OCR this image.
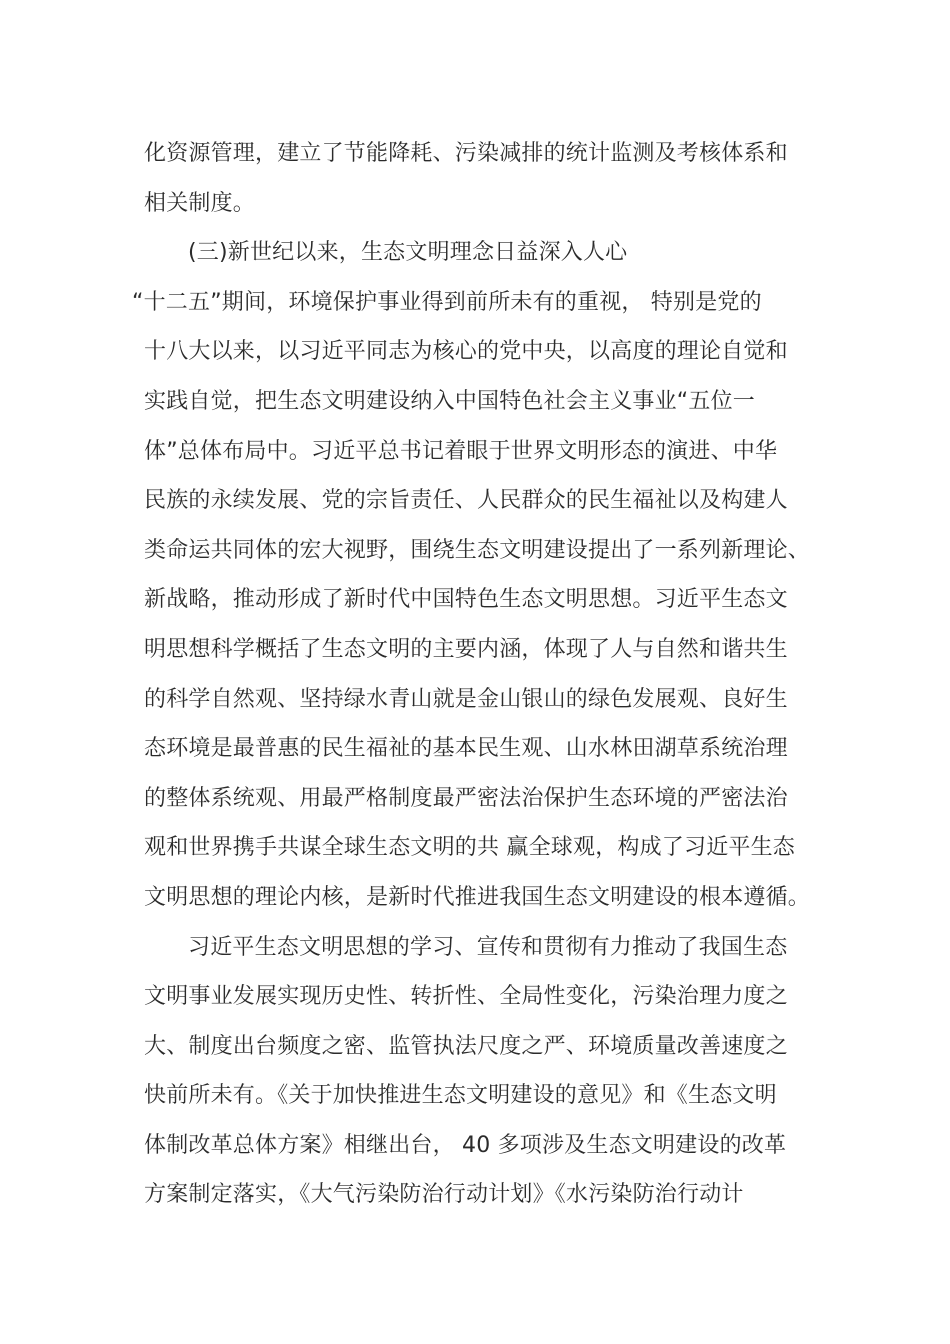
化资源管理，建立了节能降耗、污染减排的统计监测及考核体系和
相关制度。
(三)新世纪以来，生态文明理念日益深入人心
“十二五”期间，环境保护事业得到前所未有的重视， 特别是党的
十八大以来，以习近平同志为核心的党中央，以高度的理论自觉和
实践自觉，把生态文明建设纳入中国特色社会主义事业“五位一
体”总体布局中。习近平总书记着眼于世界文明形态的演进、中华
民族的永续发展、党的宗旨责任、人民群众的民生福祉以及构建人
类命运共同体的宏大视野，围绕生态文明建设提出了一系列新理论、
新战略，推动形成了新时代中国特色生态文明思想。习近平生态文
明思想科学概括了生态文明的主要内涵，体现了人与自然和谐共生
的科学自然观、坚持绿水青山就是金山银山的绿色发展观、良好生
态环境是最普惠的民生福祉的基本民生观、山水林田湖草系统治理
的整体系统观、用最严格制度最严密法治保护生态环境的严密法治
观和世界携手共谋全球生态文明的共 赢全球观，构成了习近平生态
文明思想的理论内核，是新时代推进我国生态文明建设的根本遵循。
习近平生态文明思想的学习、宣传和贯彻有力推动了我国生态
文明事业发展实现历史性、转折性、全局性变化，污染治理力度之
大、制度出台频度之密、监管执法尺度之严、环境质量改善速度之
快前所未有。《关于加快推进生态文明建设的意见》和《生态文明
体制改革总体方案》相继出台， 40 多项涉及生态文明建设的改革
方案制定落实，《大气污染防治行动计划》《水污染防治行动计
